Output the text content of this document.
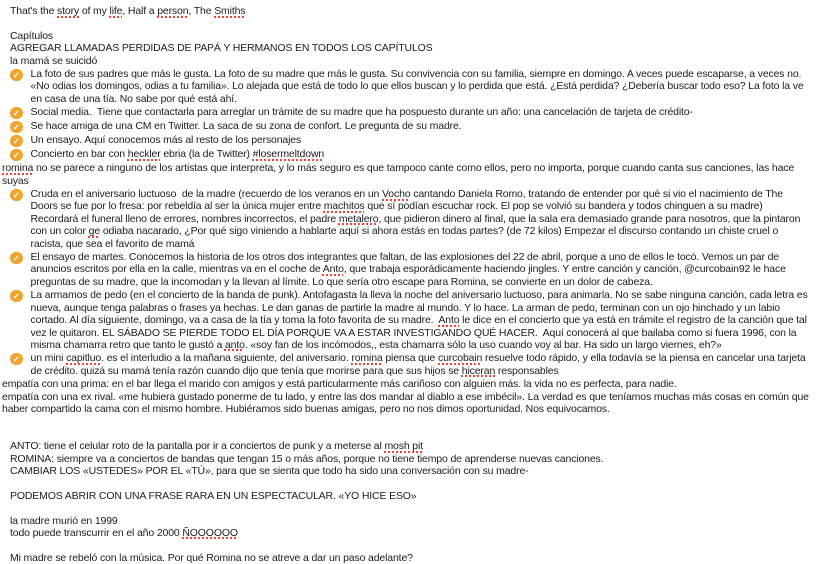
That's the story of my life, Half a person, The Smiths
Capítulos
AGREGAR LLAMADAS PERDIDAS DE PAPÁ Y HERMANOS EN TODOS LOS CAPÍTULOS
la mamá se suicidó
✓ La foto de sus padres que más le gusta. La foto de su madre que más le gusta. Su convivencia con su familia, siempre en domingo. A veces puede escaparse, a veces no. «No odias los domingos, odias a tu familia». Lo alejada que está de todo lo que ellos buscan y lo perdida que está. ¿Está perdida? ¿Debería buscar todo eso? La foto la ve en casa de una tía. No sabe por qué está ahí.
✓ Social media.  Tiene que contactarla para arreglar un trámite de su madre que ha pospuesto durante un año: una cancelación de tarjeta de crédito-
✓ Se hace amiga de una CM en Twitter. La saca de su zona de confort. Le pregunta de su madre.
✓ Un ensayo. Aquí conocemos más al resto de los personajes
✓ Concierto en bar con heckler ebria (la de Twitter) #losermeltdown
romina no se parece a ninguno de los artistas que interpreta, y lo más seguro es que tampoco cante como ellos, pero no importa, porque cuando canta sus canciones, las hace suyas
✓ Cruda en el aniversario luctuoso  de la madre (recuerdo de los veranos en un Vocho cantando Daniela Romo, tratando de entender por qué si vio el nacimiento de The Doors se fue por lo fresa: por rebeldía al ser la única mujer entre machitos que sí podían escuchar rock. El pop se volvió su bandera y todos chinguen a su madre) Recordará el funeral lleno de errores, nombres incorrectos, el padre metalero, que pidieron dinero al final, que la sala era demasiado grande para nosotros, que la pintaron con un color ge odiaba nacarado, ¿Por qué sigo viniendo a hablarte aquí si ahora estás en todas partes? (de 72 kilos) Empezar el discurso contando un chiste cruel o racista, que sea el favorito de mamá
✓ El ensayo de martes. Conocemos la historia de los otros dos integrantes que faltan, de las explosiones del 22 de abril, porque a uno de ellos le tocó. Vemos un par de anuncios escritos por ella en la calle, mientras va en el coche de Anto, que trabaja esporádicamente haciendo jingles. Y entre canción y canción, @curcobain92 le hace preguntas de su madre, que la incomodan y la llevan al límite. Lo que sería otro escape para Romina, se convierte en un dolor de cabeza.
✓ La armamos de pedo (en el concierto de la banda de punk). Antofagasta la lleva la noche del aniversario luctuoso, para animarla. No se sabe ninguna canción, cada letra es nueva, aunque tenga palabras o frases ya hechas. Le dan ganas de partirle la madre al mundo. Y lo hace. La arman de pedo, terminan con un ojo hinchado y un labio cortado. Al día siguiente, domingo, va a casa de la tía y toma la foto favorita de su madre.  Anto le dice en el concierto que ya está en trámite el registro de la canción que tal vez le quitaron. EL SÁBADO SE PIERDE TODO EL DÍA PORQUE VA A ESTAR INVESTIGANDO QUÉ HACER.  Aquí conocerá al que bailaba como si fuera 1996, con la misma chamarra retro que tanto le gustó a anto. «soy fan de los incómodos,, esta chamarra sólo la uso cuando voy al bar. Ha sido un largo viernes, eh?»
✓ un mini capitluo. es el interludio a la mañana siguiente, del aniversario. romina piensa que curcobain resuelve todo rápido, y ella todavía se la piensa en cancelar una tarjeta de crédito. quizá su mamá tenía razón cuando dijo que tenía que morirse para que sus hijos se hiceran responsables
empatía con una prima: en el bar llega el marido con amigos y está particularmente más cariñoso con alguien más. la vida no es perfecta, para nadie.
empatía con una ex rival. «me hubiera gustado ponerme de tu lado, y entre las dos mandar al diablo a ese imbécil». La verdad es que teníamos muchas más cosas en común que haber compartido la cama con el mismo hombre. Hubiéramos sido buenas amigas, pero no nos dimos oportunidad. Nos equivocamos.
ANTO: tiene el celular roto de la pantalla por ir a conciertos de punk y a meterse al mosh pit
ROMINA: siempre va a conciertos de bandas que tengan 15 o más años, porque no tiene tiempo de aprenderse nuevas canciones.
CAMBIAR LOS «USTEDES» POR EL «TÚ», para que se sienta que todo ha sido una conversación con su madre-
PODEMOS ABRIR CON UNA FRASE RARA EN UN ESPECTACULAR. «YO HICE ESO»
la madre murió en 1999
todo puede transcurrir en el año 2000 ÑOOOOOO
Mi madre se rebeló con la música. Por qué Romina no se atreve a dar un paso adelante?
